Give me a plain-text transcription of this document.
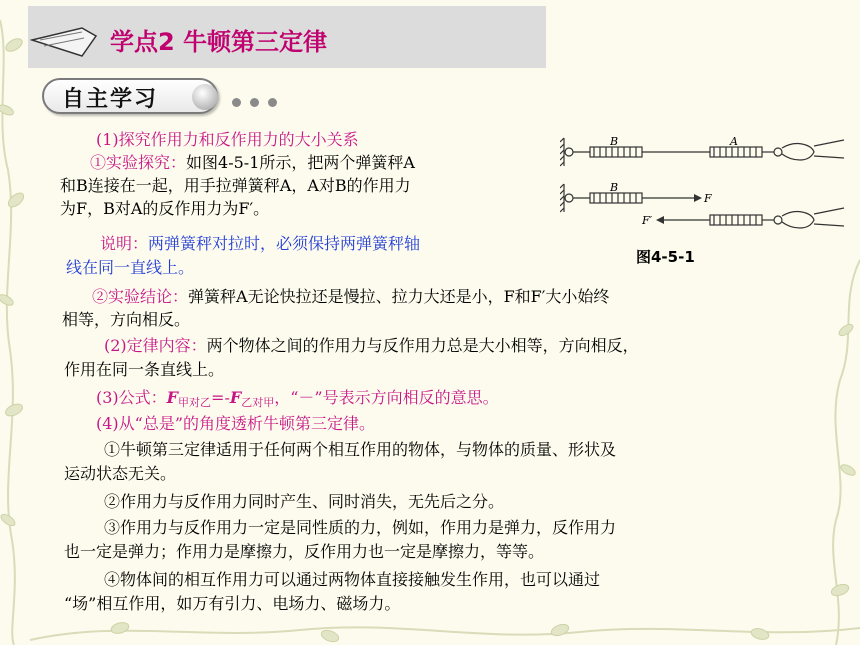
学点2 牛顿第三定律
自主学习
B	A
B
F
F′
图4-5-1
(1)探究作用力和反作用力的大小关系
①实验探究：如图4-5-1所示，把两个弹簧秤A
和B连接在一起，用手拉弹簧秤A，A对B的作用力
为F，B对A的反作用力为F′。
说明：两弹簧秤对拉时，必须保持两弹簧秤轴
线在同一直线上。
②实验结论：弹簧秤A无论快拉还是慢拉、拉力大还是小，F和F′大小始终
相等，方向相反。
(2)定律内容：两个物体之间的作用力与反作用力总是大小相等，方向相反，
作用在同一条直线上。
(3)公式：$F_{甲对乙}=-F_{乙对甲}$，“－”号表示方向相反的意思。
(4)从“总是”的角度透析牛顿第三定律。
①牛顿第三定律适用于任何两个相互作用的物体，与物体的质量、形状及
运动状态无关。
②作用力与反作用力同时产生、同时消失，无先后之分。
③作用力与反作用力一定是同性质的力，例如，作用力是弹力，反作用力
也一定是弹力；作用力是摩擦力，反作用力也一定是摩擦力，等等。
④物体间的相互作用力可以通过两物体直接接触发生作用，也可以通过
“场”相互作用，如万有引力、电场力、磁场力。
